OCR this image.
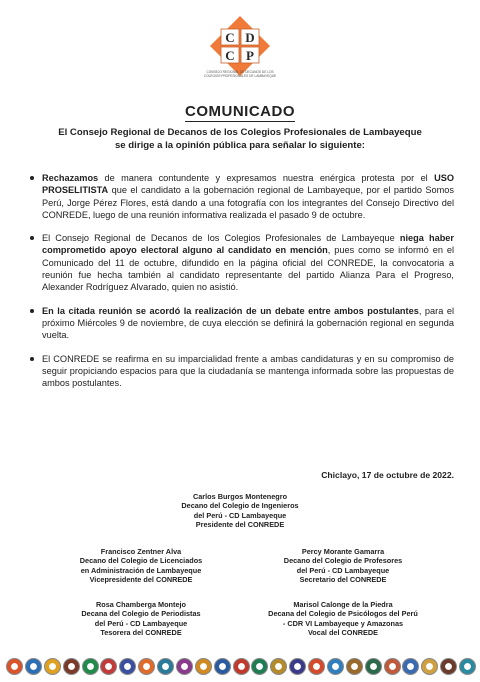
C D
C P
CONSEJO REGIONAL DE DECANOS DE LOS
COLEGIOS PROFESIONALES DE LAMBAYEQUE
COMUNICADO
El Consejo Regional de Decanos de los Colegios Profesionales de Lambayeque
se dirige a la opinión pública para señalar lo siguiente:
Rechazamos de manera contundente y expresamos nuestra enérgica protesta por el USO PROSELITISTA que el candidato a la gobernación regional de Lambayeque, por el partido Somos Perú, Jorge Pérez Flores, está dando a una fotografía con los integrantes del Consejo Directivo del CONREDE, luego de una reunión informativa realizada el pasado 9 de octubre.
El Consejo Regional de Decanos de los Colegios Profesionales de Lambayeque niega haber comprometido apoyo electoral alguno al candidato en mención, pues como se informó en el Comunicado del 11 de octubre, difundido en la página oficial del CONREDE, la convocatoria a reunión fue hecha también al candidato representante del partido Alianza Para el Progreso, Alexander Rodríguez Alvarado, quien no asistió.
En la citada reunión se acordó la realización de un debate entre ambos postulantes, para el próximo Miércoles 9 de noviembre, de cuya elección se definirá la gobernación regional en segunda vuelta.
El CONREDE se reafirma en su imparcialidad frente a ambas candidaturas y en su compromiso de seguir propiciando espacios para que la ciudadanía se mantenga informada sobre las propuestas de ambos postulantes.
Chiclayo, 17 de octubre de 2022.
Carlos Burgos Montenegro
Decano del Colegio de Ingenieros
del Perú - CD Lambayeque
Presidente del CONREDE
Francisco Zentner Alva
Decano del Colegio de Licenciados
en Administración de Lambayeque
Vicepresidente del CONREDE
Percy Morante Gamarra
Decano del Colegio de Profesores
del Perú - CD Lambayeque
Secretario del CONREDE
Rosa Chamberga Montejo
Decana del Colegio de Periodistas
del Perú - CD Lambayeque
Tesorera del CONREDE
Marisol Calonge de la Piedra
Decana del Colegio de Psicólogos del Perú
- CDR VI Lambayeque y Amazonas
Vocal del CONREDE
